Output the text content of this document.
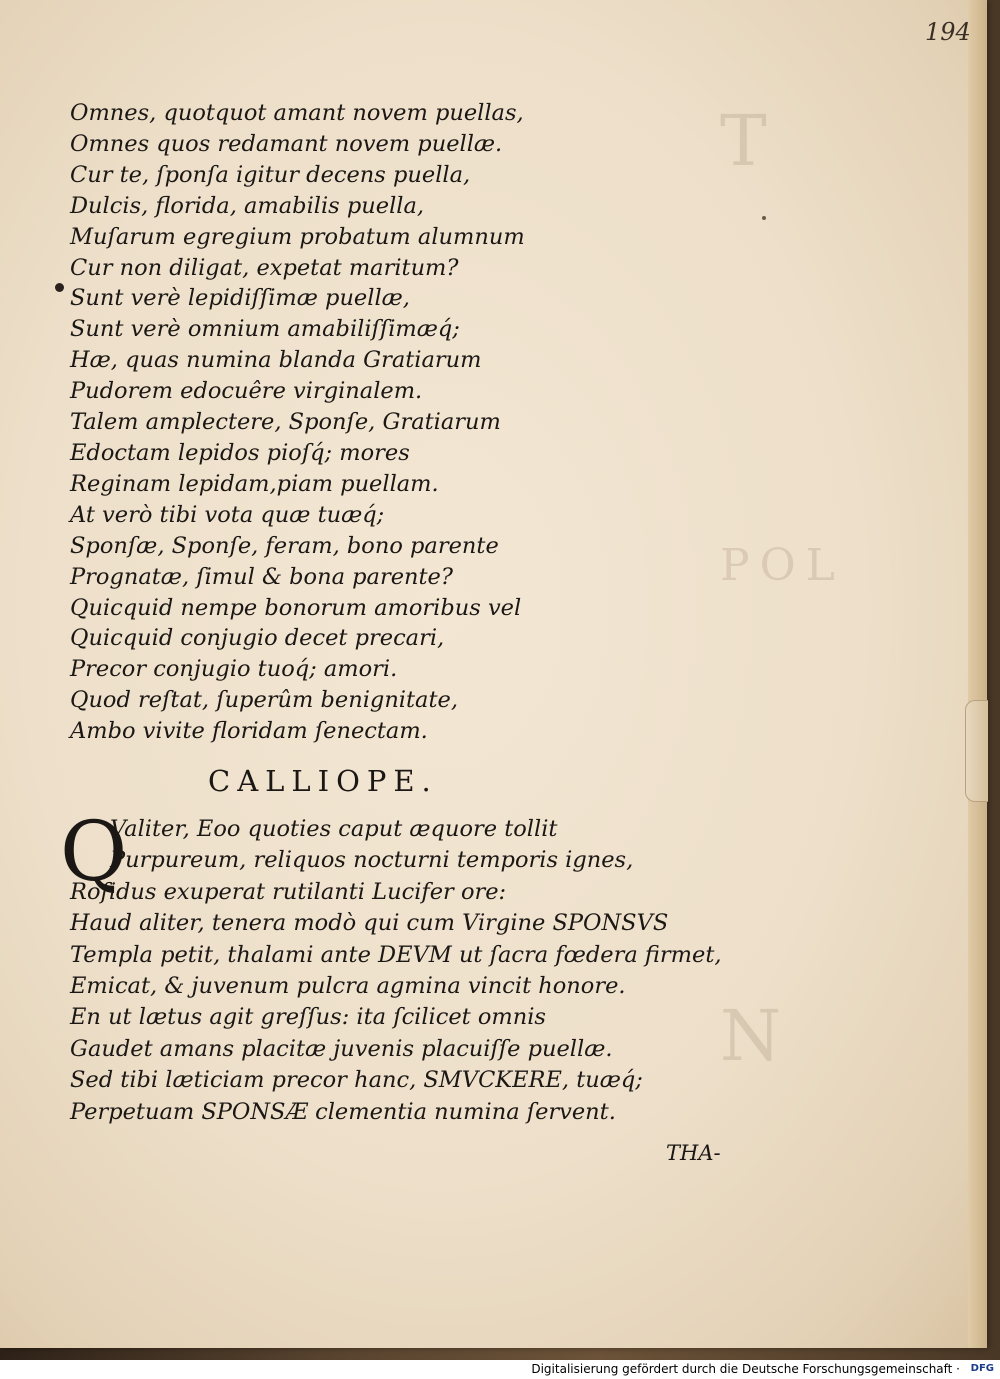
T
POL
N
194
Omnes, quotquot amant novem puellas,
Omnes quos redamant novem puellæ.
Cur te, ſponſa igitur decens puella,
Dulcis, florida, amabilis puella,
Muſarum egregium probatum alumnum
Cur non diligat, expetat maritum?
Sunt verè lepidiſſimæ puellæ,
Sunt verè omnium amabiliſſimæq́;
Hæ, quas numina blanda Gratiarum
Pudorem edocuêre virginalem.
Talem amplectere, Sponſe, Gratiarum
Edoctam lepidos pioſq́; mores
Reginam lepidam,piam puellam.
At verò tibi vota quæ tuæq́;
Sponſæ, Sponſe, feram, bono parente
Prognatæ, ſimul & bona parente?
Quicquid nempe bonorum amoribus vel
Quicquid conjugio decet precari,
Precor conjugio tuoq́; amori.
Quod reſtat, ſuperûm benignitate,
Ambo vivite floridam ſenectam.
CALLIOPE.
Q
Valiter, Eoo quoties caput æquore tollit
Purpureum, reliquos nocturni temporis ignes,
Roſidus exuperat rutilanti Lucifer ore:
Haud aliter, tenera modò qui cum Virgine SPONSVS
Templa petit, thalami ante DEVM ut ſacra fœdera firmet,
Emicat, & juvenum pulcra agmina vincit honore.
En ut lætus agit greſſus: ita ſcilicet omnis
Gaudet amans placitæ juvenis placuiſſe puellæ.
Sed tibi læticiam precor hanc, SMVCKERE, tuæq́;
Perpetuam SPONSÆ clementia numina ſervent.
THA-
Digitalisierung gefördert durch die Deutsche Forschungsgemeinschaft ·	DFG
